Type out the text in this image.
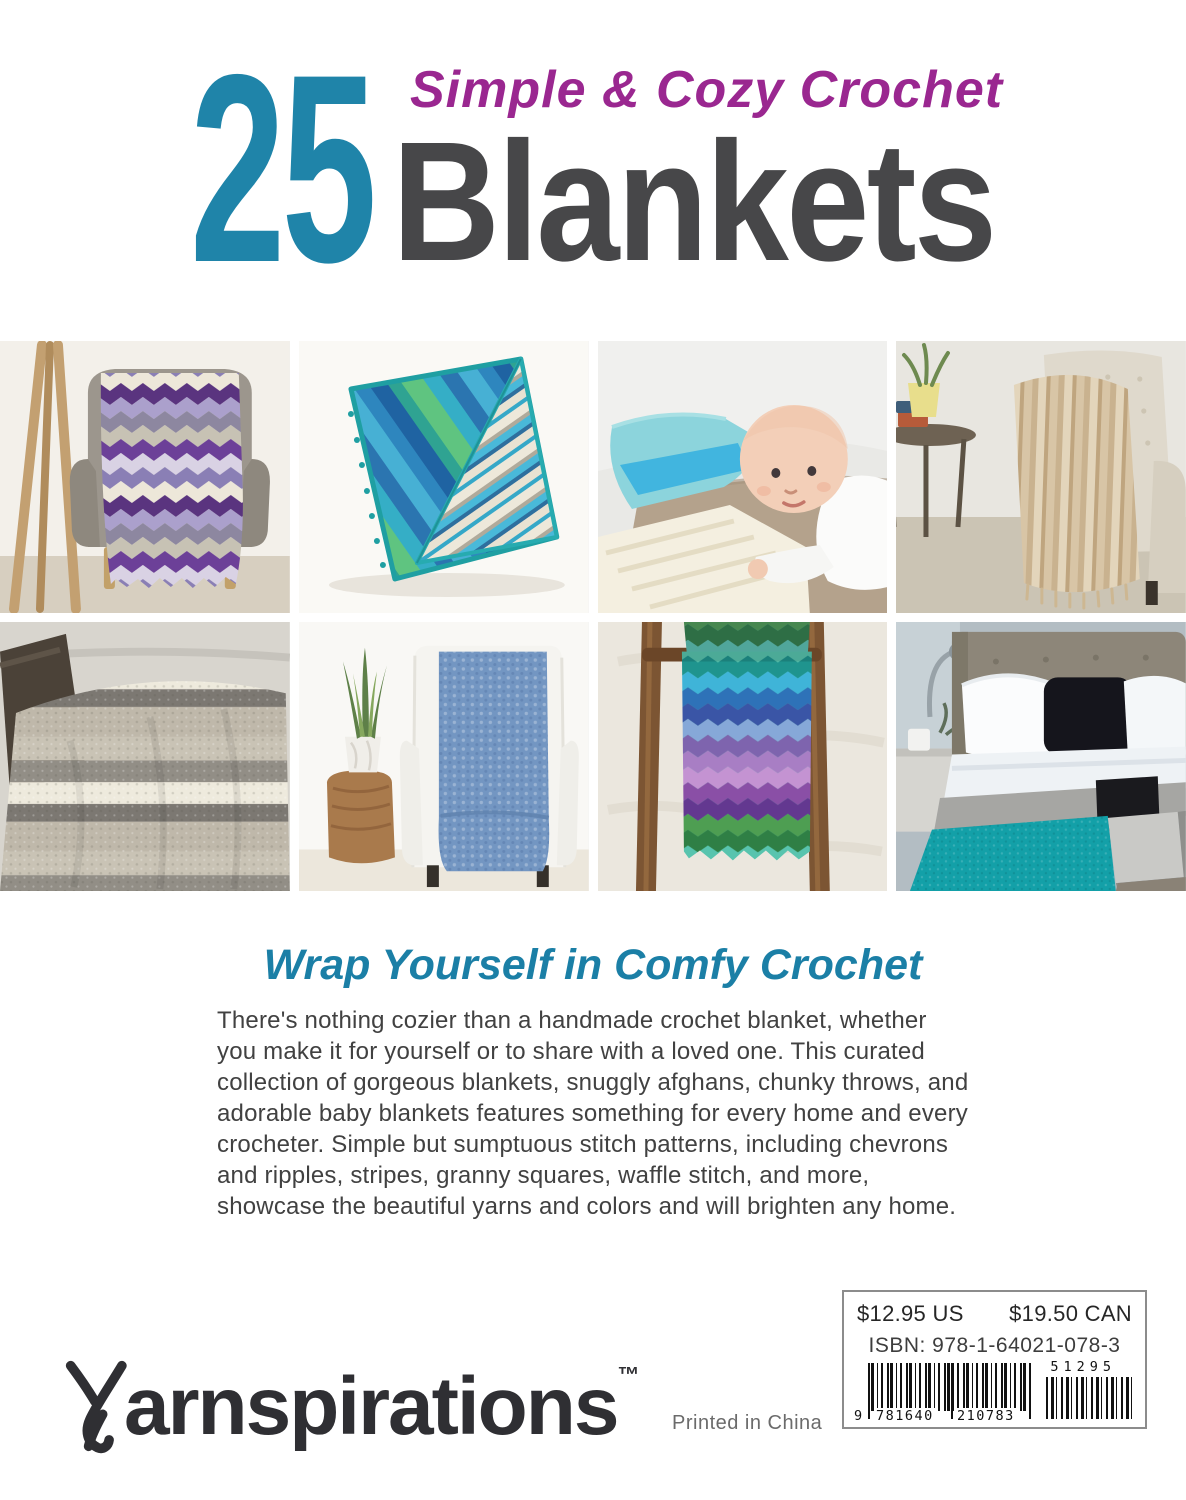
25 Simple & Cozy Crochet
Blankets
Wrap Yourself in Comfy Crochet

There's nothing cozier than a handmade crochet blanket, whether you make it for yourself or to share with a loved one. This curated collection of gorgeous blankets, snuggly afghans, chunky throws, and adorable baby blankets features something for every home and every crocheter. Simple but sumptuous stitch patterns, including chevrons and ripples, stripes, granny squares, waffle stitch, and more, showcase the beautiful yarns and colors and will brighten any home.

arnspirations™
Printed in China
$12.95 US $19.50 CAN
ISBN: 978-1-64021-078-3
9 781640 210783
51295
